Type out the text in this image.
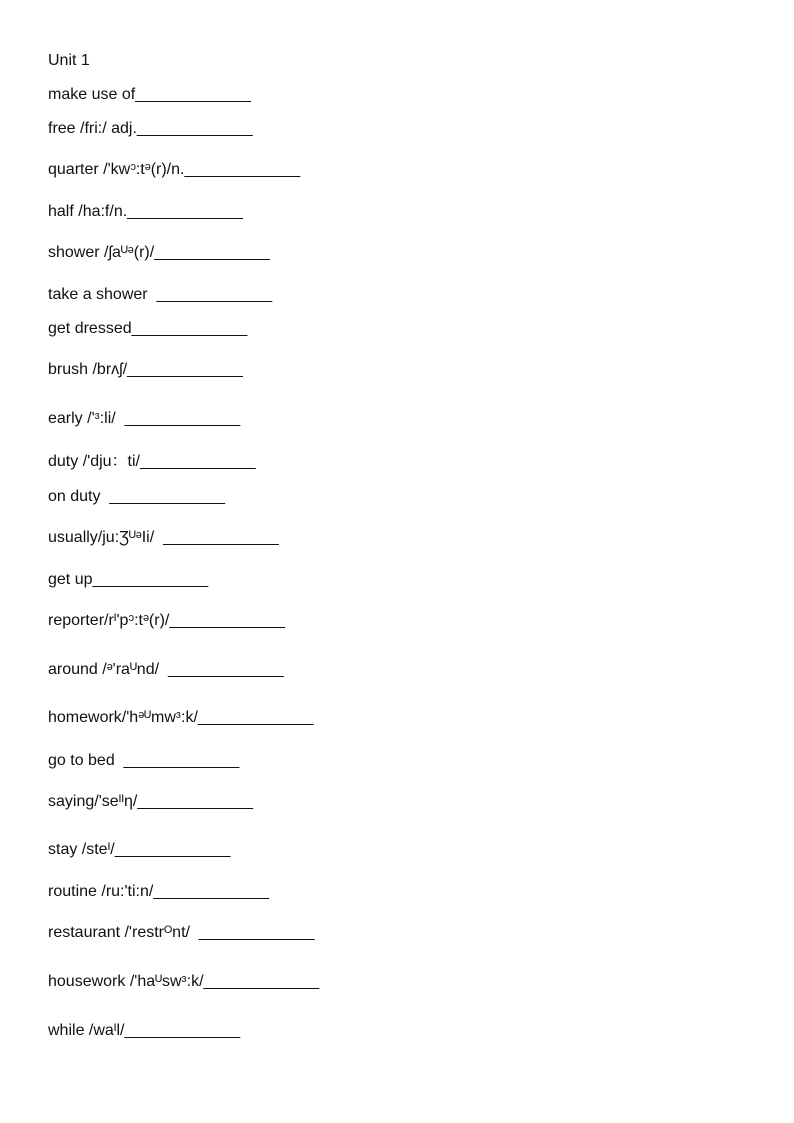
Unit 1
make use of_____________
free /fri:/ adj._____________
quarter /'kwᵓ:tᵊ(r)/n._____________
half /ha:f/n._____________
shower /ʃaᵁᵊ(r)/_____________
take a shower  _____________
get dressed_____________
brush /brᴧʃ/_____________
early /'ᶟ:li/  _____________
duty /'dju：ti/_____________
on duty  _____________
usually/ju:ƷᵁᵊIi/  _____________
get up_____________
reporter/rᴵ'pᵓ:tᵊ(r)/_____________
around /ᵊ'raᵁnd/  _____________
homework/'hᵊᵁmwᶟ:k/_____________
go to bed  _____________
saying/'seᴵᴵƞ/_____________
stay /steᴵ/_____________
routine /ru:'ti:n/_____________
restaurant /'restrᴼnt/  _____________
housework /'haᵁswᶟ:k/_____________
while /waᴵl/_____________
